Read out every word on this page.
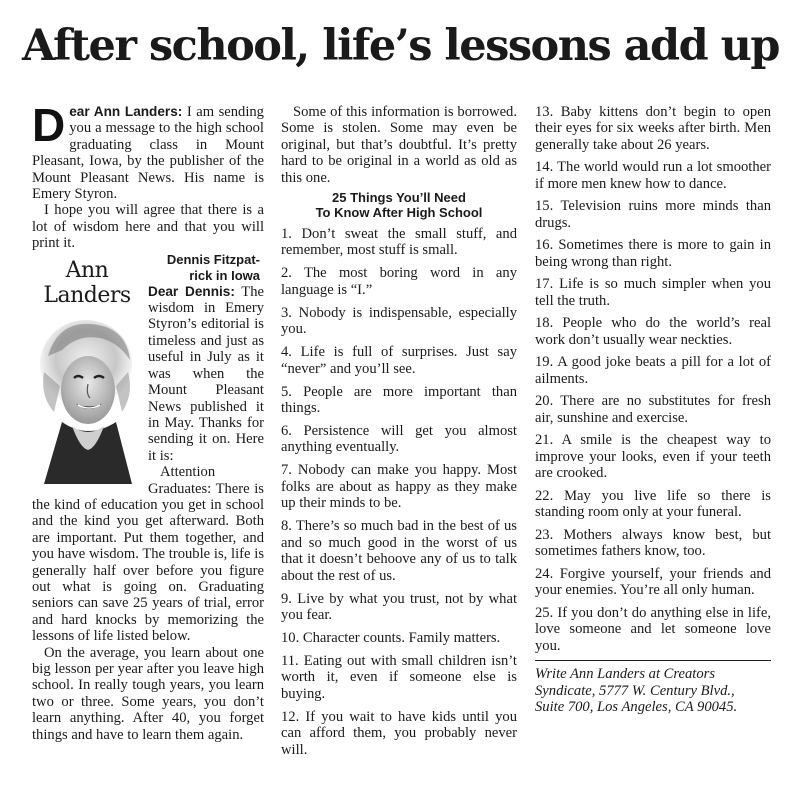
After school, life’s lessons add up

Dear Ann Landers: I am sending you a message to the high school graduating class in Mount Pleasant, Iowa, by the publisher of the Mount Pleasant News. His name is Emery Styron.

I hope you will agree that there is a lot of wisdom here and that you will print it.

Ann
Landers

Dennis Fitzpat-
rick in Iowa

Dear Dennis: The wisdom in Emery Styron’s editorial is timeless and just as useful in July as it was when the Mount Pleasant News published it in May. Thanks for sending it on. Here it is:

Attention Graduates: There is the kind of education you get in school and the kind you get afterward. Both are important. Put them together, and you have wisdom. The trouble is, life is generally half over before you figure out what is going on. Graduating seniors can save 25 years of trial, error and hard knocks by memorizing the lessons of life listed below.

On the average, you learn about one big lesson per year after you leave high school. In really tough years, you learn two or three. Some years, you don’t learn anything. After 40, you forget things and have to learn them again.

Some of this information is borrowed. Some is stolen. Some may even be original, but that’s doubtful. It’s pretty hard to be original in a world as old as this one.

25 Things You’ll Need
To Know After High School

1. Don’t sweat the small stuff, and remember, most stuff is small.

2. The most boring word in any language is “I.”

3. Nobody is indispensable, especially you.

4. Life is full of surprises. Just say “never” and you’ll see.

5. People are more important than things.

6. Persistence will get you almost anything eventually.

7. Nobody can make you happy. Most folks are about as happy as they make up their minds to be.

8. There’s so much bad in the best of us and so much good in the worst of us that it doesn’t behoove any of us to talk about the rest of us.

9. Live by what you trust, not by what you fear.

10. Character counts. Family matters.

11. Eating out with small children isn’t worth it, even if someone else is buying.

12. If you wait to have kids until you can afford them, you probably never will.

13. Baby kittens don’t begin to open their eyes for six weeks after birth. Men generally take about 26 years.

14. The world would run a lot smoother if more men knew how to dance.

15. Television ruins more minds than drugs.

16. Sometimes there is more to gain in being wrong than right.

17. Life is so much simpler when you tell the truth.

18. People who do the world’s real work don’t usually wear neckties.

19. A good joke beats a pill for a lot of ailments.

20. There are no substitutes for fresh air, sunshine and exercise.

21. A smile is the cheapest way to improve your looks, even if your teeth are crooked.

22. May you live life so there is standing room only at your funeral.

23. Mothers always know best, but sometimes fathers know, too.

24. Forgive yourself, your friends and your enemies. You’re all only human.

25. If you don’t do anything else in life, love someone and let someone love you.

Write Ann Landers at Creators
Syndicate, 5777 W. Century Blvd.,
Suite 700, Los Angeles, CA 90045.
